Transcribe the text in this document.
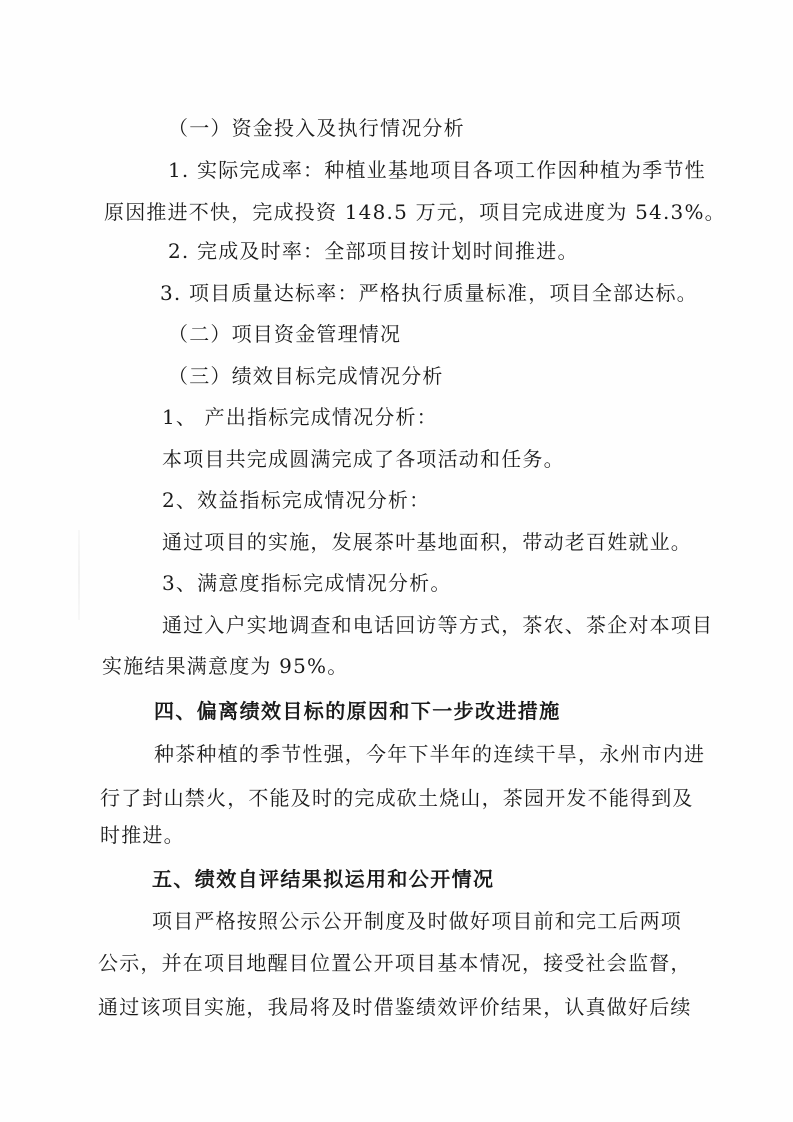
（一）资金投入及执行情况分析
1. 实际完成率：种植业基地项目各项工作因种植为季节性
原因推进不快，完成投资 148.5 万元，项目完成进度为 54.3%。
2. 完成及时率：全部项目按计划时间推进。
3. 项目质量达标率：严格执行质量标准，项目全部达标。
（二）项目资金管理情况
（三）绩效目标完成情况分析
1、 产出指标完成情况分析：
本项目共完成圆满完成了各项活动和任务。
2、效益指标完成情况分析：
通过项目的实施，发展茶叶基地面积，带动老百姓就业。
3、满意度指标完成情况分析。
通过入户实地调查和电话回访等方式，茶农、茶企对本项目
实施结果满意度为 95%。
四、偏离绩效目标的原因和下一步改进措施
种茶种植的季节性强，今年下半年的连续干旱，永州市内进
行了封山禁火，不能及时的完成砍土烧山，茶园开发不能得到及
时推进。
五、绩效自评结果拟运用和公开情况
项目严格按照公示公开制度及时做好项目前和完工后两项
公示，并在项目地醒目位置公开项目基本情况，接受社会监督，
通过该项目实施，我局将及时借鉴绩效评价结果，认真做好后续
